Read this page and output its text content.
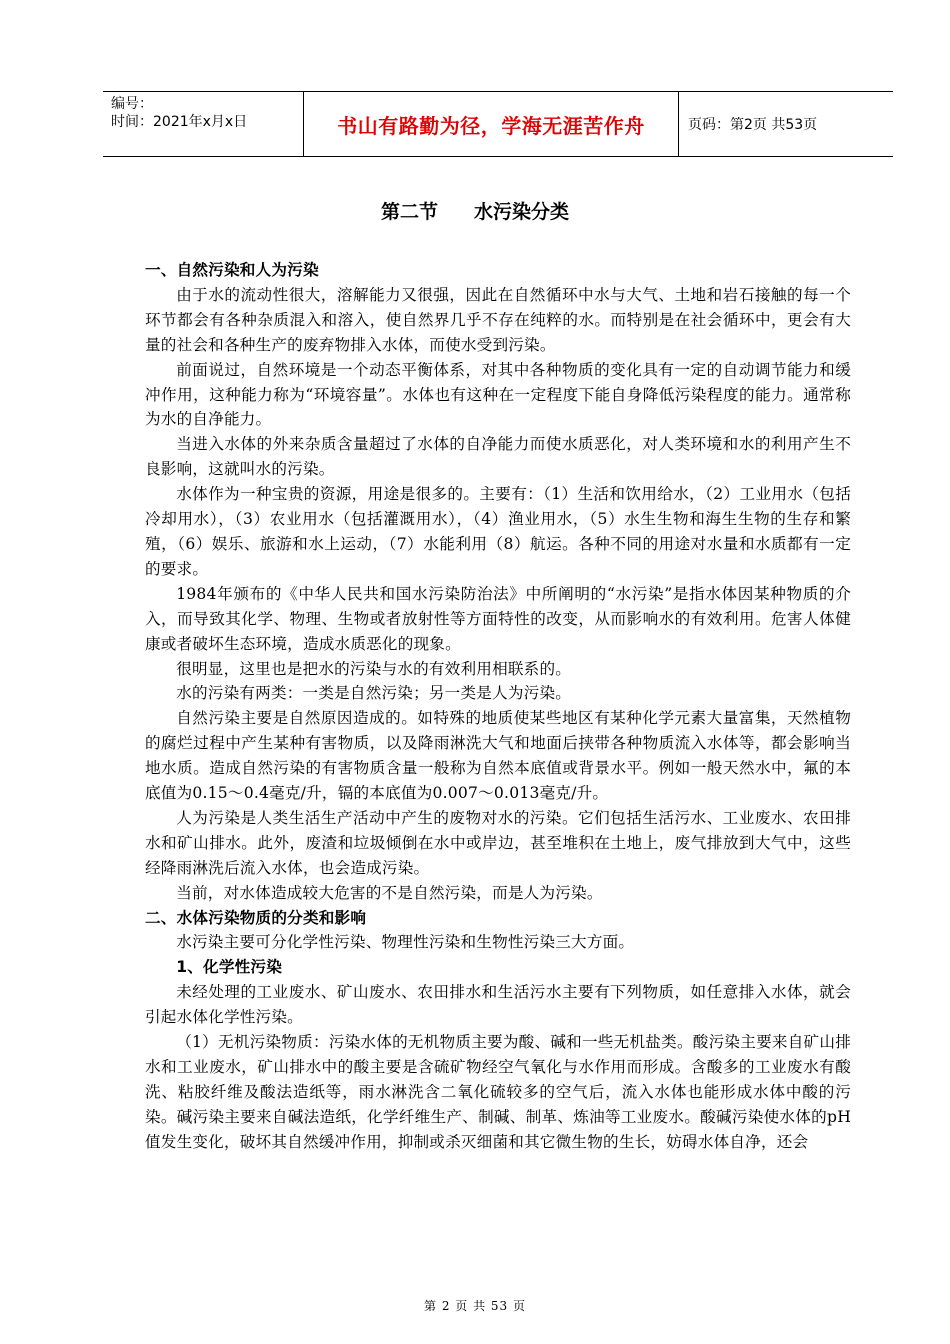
编号：
时间：2021年x月x日	书山有路勤为径，学海无涯苦作舟	页码：第2页 共53页
第二节 水污染分类

一、自然污染和人为污染

由于水的流动性很大，溶解能力又很强，因此在自然循环中水与大气、土地和岩石接触的每一个环节都会有各种杂质混入和溶入，使自然界几乎不存在纯粹的水。而特别是在社会循环中，更会有大量的社会和各种生产的废弃物排入水体，而使水受到污染。

前面说过，自然环境是一个动态平衡体系，对其中各种物质的变化具有一定的自动调节能力和缓冲作用，这种能力称为“环境容量”。水体也有这种在一定程度下能自身降低污染程度的能力。通常称为水的自净能力。

当进入水体的外来杂质含量超过了水体的自净能力而使水质恶化，对人类环境和水的利用产生不良影响，这就叫水的污染。

水体作为一种宝贵的资源，用途是很多的。主要有：（1）生活和饮用给水，（2）工业用水（包括冷却用水），（3）农业用水（包括灌溉用水），（4）渔业用水，（5）水生生物和海生生物的生存和繁殖，（6）娱乐、旅游和水上运动，（7）水能利用（8）航运。各种不同的用途对水量和水质都有一定的要求。

1984年颁布的《中华人民共和国水污染防治法》中所阐明的“水污染”是指水体因某种物质的介入，而导致其化学、物理、生物或者放射性等方面特性的改变，从而影响水的有效利用。危害人体健康或者破坏生态环境，造成水质恶化的现象。

很明显，这里也是把水的污染与水的有效利用相联系的。

水的污染有两类：一类是自然污染；另一类是人为污染。

自然污染主要是自然原因造成的。如特殊的地质使某些地区有某种化学元素大量富集，天然植物的腐烂过程中产生某种有害物质，以及降雨淋洗大气和地面后挟带各种物质流入水体等，都会影响当地水质。造成自然污染的有害物质含量一般称为自然本底值或背景水平。例如一般天然水中，氟的本底值为0.15～0.4毫克/升，镉的本底值为0.007～0.013毫克/升。

人为污染是人类生活生产活动中产生的废物对水的污染。它们包括生活污水、工业废水、农田排水和矿山排水。此外，废渣和垃圾倾倒在水中或岸边，甚至堆积在土地上，废气排放到大气中，这些经降雨淋洗后流入水体，也会造成污染。

当前，对水体造成较大危害的不是自然污染，而是人为污染。

二、水体污染物质的分类和影响

水污染主要可分化学性污染、物理性污染和生物性污染三大方面。

1、化学性污染

未经处理的工业废水、矿山废水、农田排水和生活污水主要有下列物质，如任意排入水体，就会引起水体化学性污染。

（1）无机污染物质：污染水体的无机物质主要为酸、碱和一些无机盐类。酸污染主要来自矿山排水和工业废水，矿山排水中的酸主要是含硫矿物经空气氧化与水作用而形成。含酸多的工业废水有酸洗、粘胶纤维及酸法造纸等，雨水淋洗含二氧化硫较多的空气后，流入水体也能形成水体中酸的污染。碱污染主要来自碱法造纸，化学纤维生产、制碱、制革、炼油等工业废水。酸碱污染使水体的pH值发生变化，破坏其自然缓冲作用，抑制或杀灭细菌和其它微生物的生长，妨碍水体自净，还会

第 2 页 共 53 页
